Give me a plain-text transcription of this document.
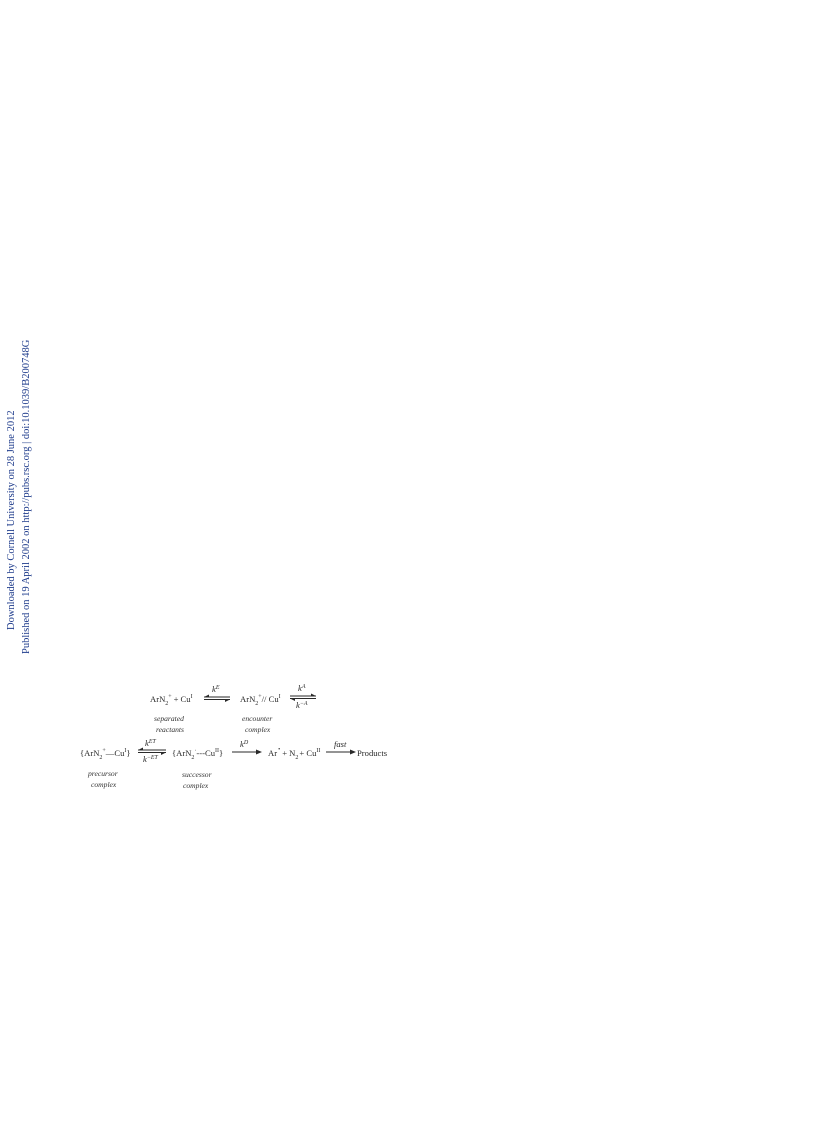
Downloaded by Cornell University on 28 June 2012 Published on 19 April 2002 on http://pubs.rsc.org | doi:10.1039/B200748G
$ArN_2^+ + Cu^I$
$k^E$
ArN$_2$+// $Cu^I$
$k^A$
$k^{-A}$
separated
reactants
encounter
complex
$\{ArN_2^+—Cu^I\}$
$k^{ET}$
$k^{-ET}$ $\{ArN_2^\cdot---Cu^{II}\}$
$k^D$
$Ar^• + N_2+ Cu^{II}$
fast
Products
precursor
complex
successor
complex
